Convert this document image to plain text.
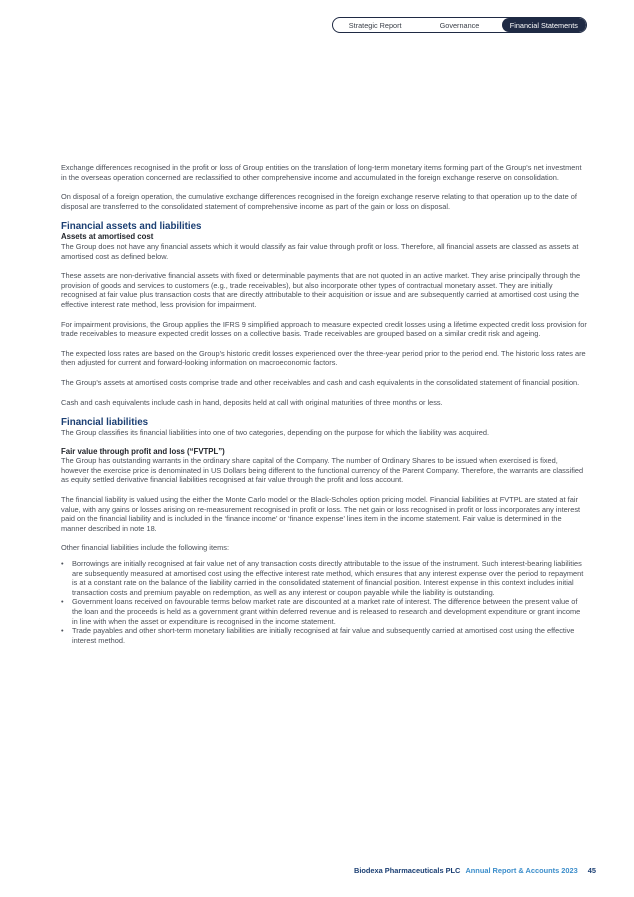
Strategic Report	Governance	Financial Statements

Exchange differences recognised in the profit or loss of Group entities on the translation of long-term monetary items forming part of the Group's net investment in the overseas operation concerned are reclassified to other comprehensive income and accumulated in the foreign exchange reserve on consolidation.

On disposal of a foreign operation, the cumulative exchange differences recognised in the foreign exchange reserve relating to that operation up to the date of disposal are transferred to the consolidated statement of comprehensive income as part of the gain or loss on disposal.

Financial assets and liabilities
Assets at amortised cost

The Group does not have any financial assets which it would classify as fair value through profit or loss. Therefore, all financial assets are classed as assets at amortised cost as defined below.

These assets are non-derivative financial assets with fixed or determinable payments that are not quoted in an active market. They arise principally through the provision of goods and services to customers (e.g., trade receivables), but also incorporate other types of contractual monetary asset. They are initially recognised at fair value plus transaction costs that are directly attributable to their acquisition or issue and are subsequently carried at amortised cost using the effective interest rate method, less provision for impairment.

For impairment provisions, the Group applies the IFRS 9 simplified approach to measure expected credit losses using a lifetime expected credit loss provision for trade receivables to measure expected credit losses on a collective basis. Trade receivables are grouped based on a similar credit risk and ageing.

The expected loss rates are based on the Group's historic credit losses experienced over the three-year period prior to the period end. The historic loss rates are then adjusted for current and forward-looking information on macroeconomic factors.

The Group's assets at amortised costs comprise trade and other receivables and cash and cash equivalents in the consolidated statement of financial position.

Cash and cash equivalents include cash in hand, deposits held at call with original maturities of three months or less.

Financial liabilities

The Group classifies its financial liabilities into one of two categories, depending on the purpose for which the liability was acquired.

Fair value through profit and loss (“FVTPL”)

The Group has outstanding warrants in the ordinary share capital of the Company. The number of Ordinary Shares to be issued when exercised is fixed, however the exercise price is denominated in US Dollars being different to the functional currency of the Parent Company. Therefore, the warrants are classified as equity settled derivative financial liabilities recognised at fair value through the profit and loss account.

The financial liability is valued using the either the Monte Carlo model or the Black-Scholes option pricing model. Financial liabilities at FVTPL are stated at fair value, with any gains or losses arising on re-measurement recognised in profit or loss. The net gain or loss recognised in profit or loss incorporates any interest paid on the financial liability and is included in the ‘finance income’ or ‘finance expense’ lines item in the income statement. Fair value is determined in the manner described in note 18.

Other financial liabilities include the following items:

• Borrowings are initially recognised at fair value net of any transaction costs directly attributable to the issue of the instrument. Such interest-bearing liabilities are subsequently measured at amortised cost using the effective interest rate method, which ensures that any interest expense over the period to repayment is at a constant rate on the balance of the liability carried in the consolidated statement of financial position. Interest expense in this context includes initial transaction costs and premium payable on redemption, as well as any interest or coupon payable while the liability is outstanding.
• Government loans received on favourable terms below market rate are discounted at a market rate of interest. The difference between the present value of the loan and the proceeds is held as a government grant within deferred revenue and is released to research and development expenditure or grant income in line with when the asset or expenditure is recognised in the income statement.
• Trade payables and other short-term monetary liabilities are initially recognised at fair value and subsequently carried at amortised cost using the effective interest method.
Biodexa Pharmaceuticals PLC Annual Report & Accounts 2023 45
